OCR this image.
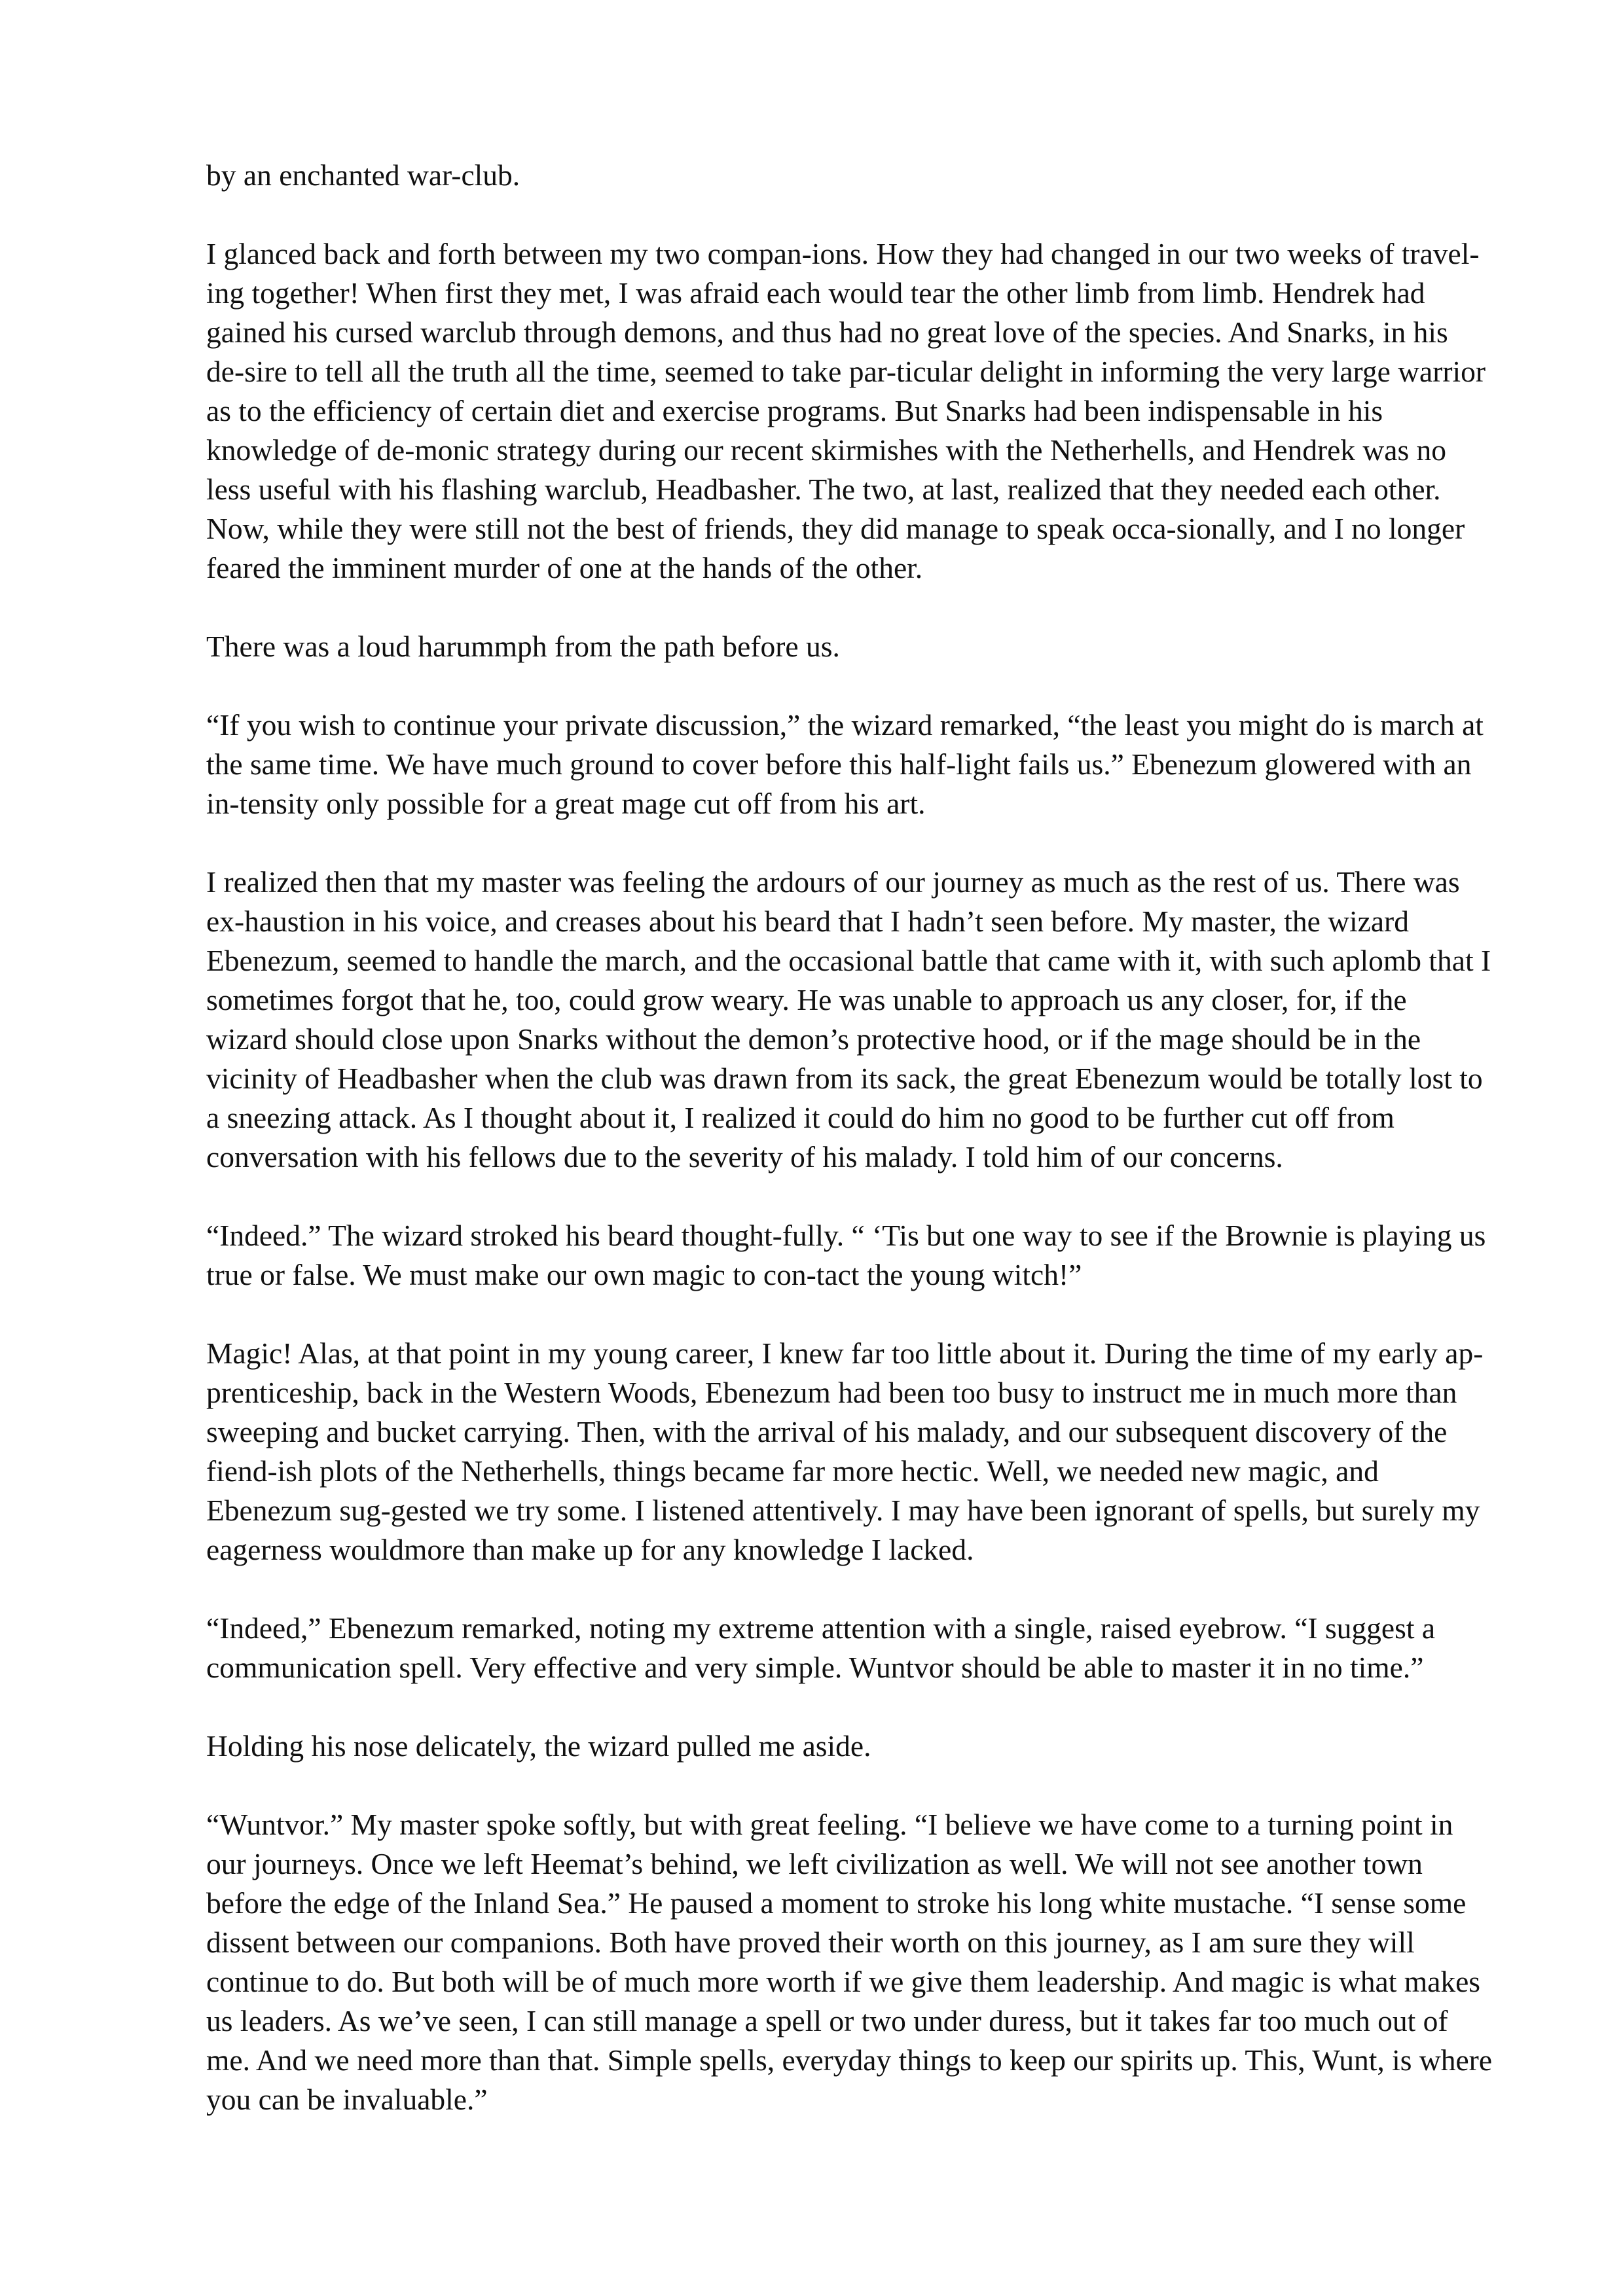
by an enchanted war-club.

I glanced back and forth between my two compan-ions. How they had changed in our two weeks of travel-ing together! When first they met, I was afraid each would tear the other limb from limb. Hendrek had gained his cursed warclub through demons, and thus had no great love of the species. And Snarks, in his de-sire to tell all the truth all the time, seemed to take par-ticular delight in informing the very large warrior as to the efficiency of certain diet and exercise programs. But Snarks had been indispensable in his knowledge of de-monic strategy during our recent skirmishes with the Netherhells, and Hendrek was no less useful with his flashing warclub, Headbasher. The two, at last, realized that they needed each other. Now, while they were still not the best of friends, they did manage to speak occa-sionally, and I no longer feared the imminent murder of one at the hands of the other.

There was a loud harummph from the path before us.

“If you wish to continue your private discussion,” the wizard remarked, “the least you might do is march at the same time. We have much ground to cover before this half-light fails us.” Ebenezum glowered with an in-tensity only possible for a great mage cut off from his art.

I realized then that my master was feeling the ardours of our journey as much as the rest of us. There was ex-haustion in his voice, and creases about his beard that I hadn’t seen before. My master, the wizard Ebenezum, seemed to handle the march, and the occasional battle that came with it, with such aplomb that I sometimes forgot that he, too, could grow weary. He was unable to approach us any closer, for, if the wizard should close upon Snarks without the demon’s protective hood, or if the mage should be in the vicinity of Headbasher when the club was drawn from its sack, the great Ebenezum would be totally lost to a sneezing attack. As I thought about it, I realized it could do him no good to be further cut off from conversation with his fellows due to the severity of his malady. I told him of our concerns.

“Indeed.” The wizard stroked his beard thought-fully. “ ‘Tis but one way to see if the Brownie is playing us true or false. We must make our own magic to con-tact the young witch!”

Magic! Alas, at that point in my young career, I knew far too little about it. During the time of my early ap-prenticeship, back in the Western Woods, Ebenezum had been too busy to instruct me in much more than sweeping and bucket carrying. Then, with the arrival of his malady, and our subsequent discovery of the fiend-ish plots of the Netherhells, things became far more hectic. Well, we needed new magic, and Ebenezum sug-gested we try some. I listened attentively. I may have been ignorant of spells, but surely my eagerness wouldmore than make up for any knowledge I lacked.

“Indeed,” Ebenezum remarked, noting my extreme attention with a single, raised eyebrow. “I suggest a communication spell. Very effective and very simple. Wuntvor should be able to master it in no time.”

Holding his nose delicately, the wizard pulled me aside.

“Wuntvor.” My master spoke softly, but with great feeling. “I believe we have come to a turning point in our journeys. Once we left Heemat’s behind, we left civilization as well. We will not see another town before the edge of the Inland Sea.” He paused a moment to stroke his long white mustache. “I sense some dissent between our companions. Both have proved their worth on this journey, as I am sure they will continue to do. But both will be of much more worth if we give them leadership. And magic is what makes us leaders. As we’ve seen, I can still manage a spell or two under duress, but it takes far too much out of me. And we need more than that. Simple spells, everyday things to keep our spirits up. This, Wunt, is where you can be invaluable.”
